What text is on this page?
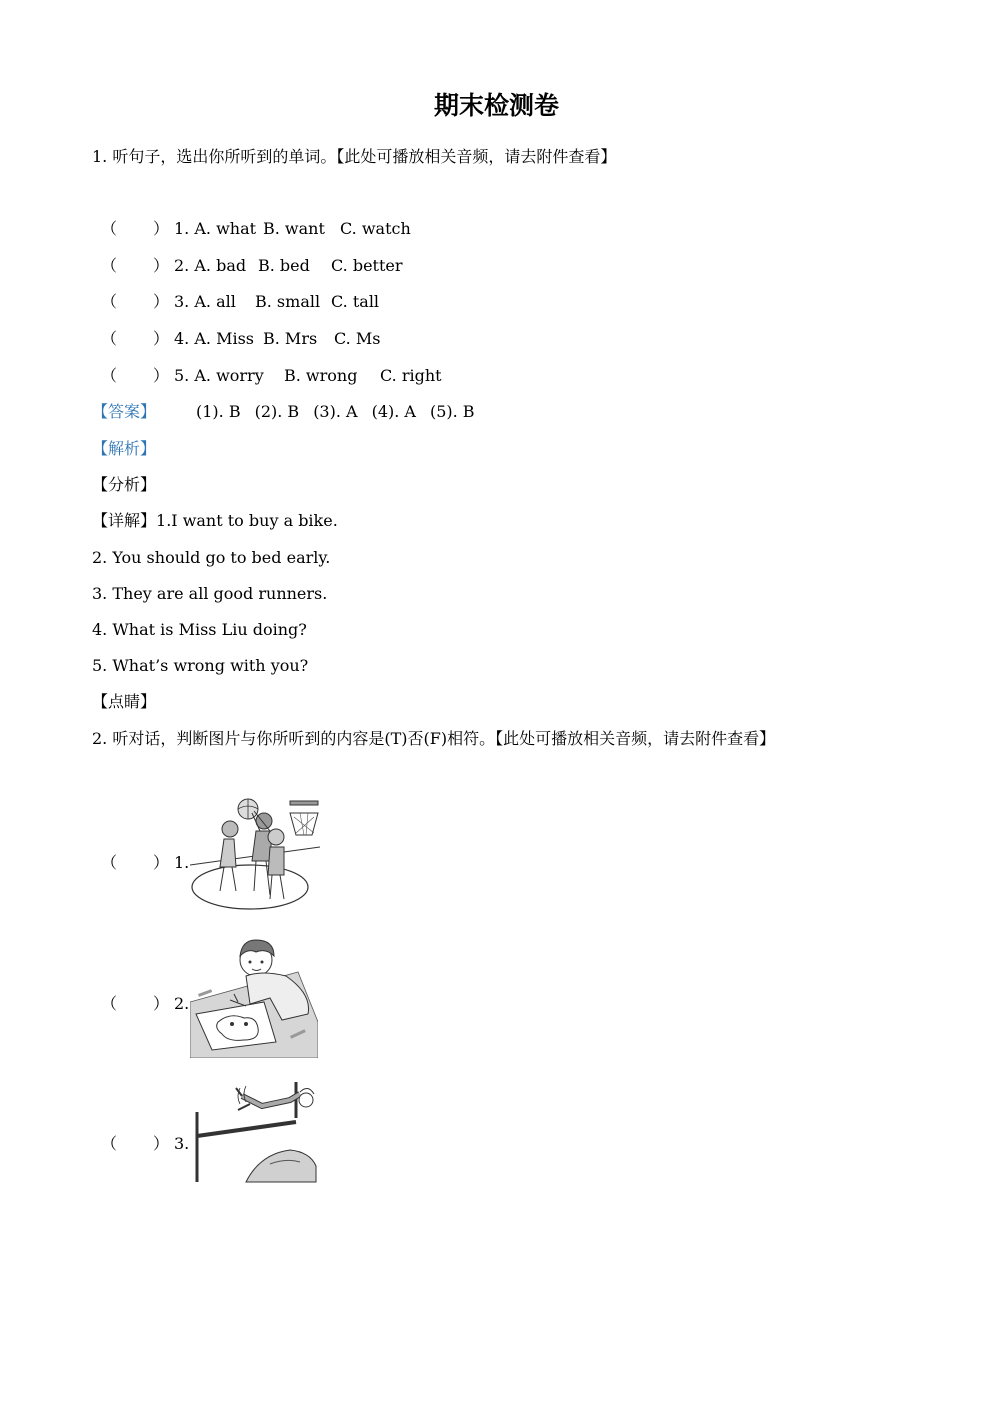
期末检测卷
1. 听句子，选出你所听到的单词。【此处可播放相关音频，请去附件查看】
（ ） 1. A. what B. want C. watch
（ ） 2. A. bad B. bed C. better
（ ） 3. A. all B. small C. tall
（ ） 4. A. Miss B. Mrs C. Ms
（ ） 5. A. worry B. wrong C. right
【答案】 (1). B (2). B (3). A (4). A (5). B
【解析】
【分析】
【详解】1.I want to buy a bike.
2. You should go to bed early.
3. They are all good runners.
4. What is Miss Liu doing?
5. What’s wrong with you?
【点睛】
2. 听对话，判断图片与你所听到的内容是(T)否(F)相符。【此处可播放相关音频，请去附件查看】
（ ） 1.
（ ） 2.
（ ） 3.
